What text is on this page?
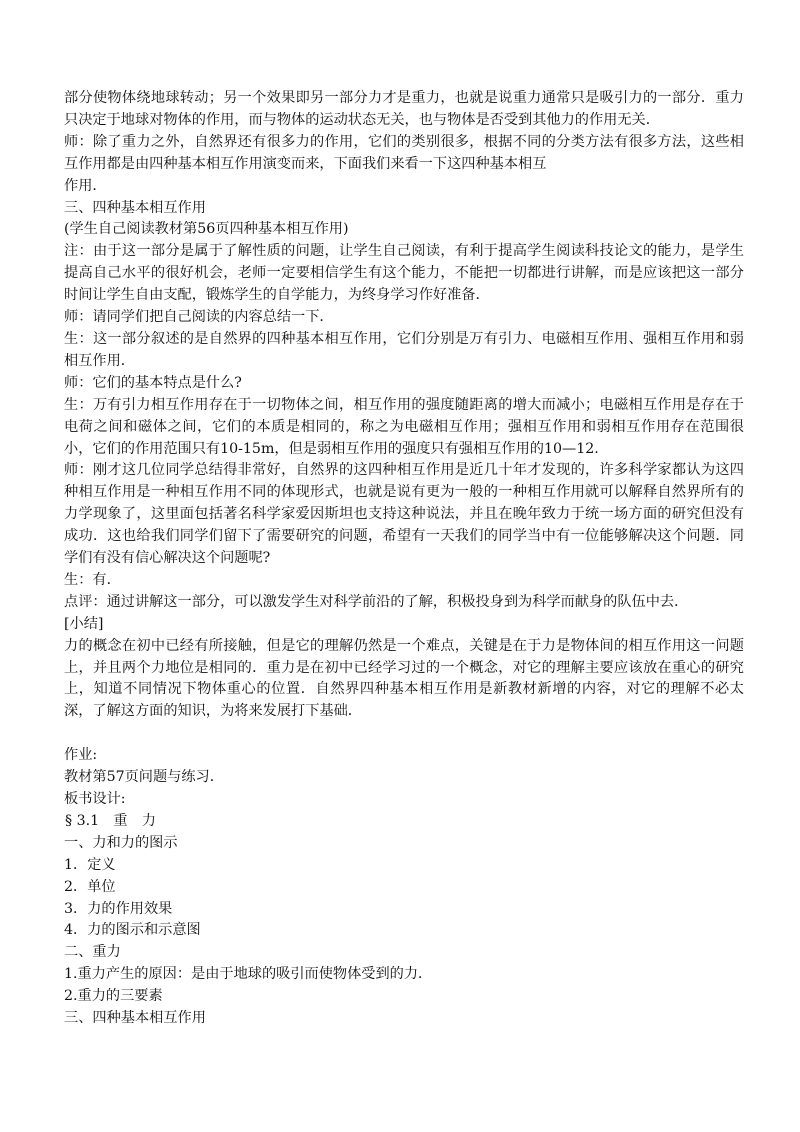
部分使物体绕地球转动；另一个效果即另一部分力才是重力，也就是说重力通常只是吸引力的一部分．重力只决定于地球对物体的作用，而与物体的运动状态无关，也与物体是否受到其他力的作用无关．

师：除了重力之外，自然界还有很多力的作用，它们的类别很多，根据不同的分类方法有很多方法，这些相互作用都是由四种基本相互作用演变而来，下面我们来看一下这四种基本相互

作用．

三、四种基本相互作用

(学生自己阅读教材第56页四种基本相互作用)

注：由于这一部分是属于了解性质的问题，让学生自己阅读，有利于提高学生阅读科技论文的能力，是学生提高自己水平的很好机会，老师一定要相信学生有这个能力，不能把一切都进行讲解，而是应该把这一部分时间让学生自由支配，锻炼学生的自学能力，为终身学习作好准备．

师：请同学们把自己阅读的内容总结一下．

生：这一部分叙述的是自然界的四种基本相互作用，它们分别是万有引力、电磁相互作用、强相互作用和弱相互作用．

师：它们的基本特点是什么?

生：万有引力相互作用存在于一切物体之间，相互作用的强度随距离的增大而减小；电磁相互作用是存在于电荷之间和磁体之间，它们的本质是相同的，称之为电磁相互作用；强相互作用和弱相互作用存在范围很小，它们的作用范围只有10-15m，但是弱相互作用的强度只有强相互作用的10—12.

师：刚才这几位同学总结得非常好，自然界的这四种相互作用是近几十年才发现的，许多科学家都认为这四种相互作用是一种相互作用不同的体现形式，也就是说有更为一般的一种相互作用就可以解释自然界所有的力学现象了，这里面包括著名科学家爱因斯坦也支持这种说法，并且在晚年致力于统一场方面的研究但没有成功．这也给我们同学们留下了需要研究的问题，希望有一天我们的同学当中有一位能够解决这个问题．同学们有没有信心解决这个问题呢?

生：有．

点评：通过讲解这一部分，可以激发学生对科学前沿的了解，积极投身到为科学而献身的队伍中去．

[小结]

力的概念在初中已经有所接触，但是它的理解仍然是一个难点，关键是在于力是物体间的相互作用这一问题上，并且两个力地位是相同的．重力是在初中已经学习过的一个概念，对它的理解主要应该放在重心的研究上，知道不同情况下物体重心的位置．自然界四种基本相互作用是新教材新增的内容，对它的理解不必太深，了解这方面的知识，为将来发展打下基础．

作业:

教材第57页问题与练习．

板书设计:

§ 3.1　重　力

一、力和力的图示

1．定义

2．单位

3．力的作用效果

4．力的图示和示意图

二、重力

1.重力产生的原因：是由于地球的吸引而使物体受到的力．

2.重力的三要素

三、四种基本相互作用
